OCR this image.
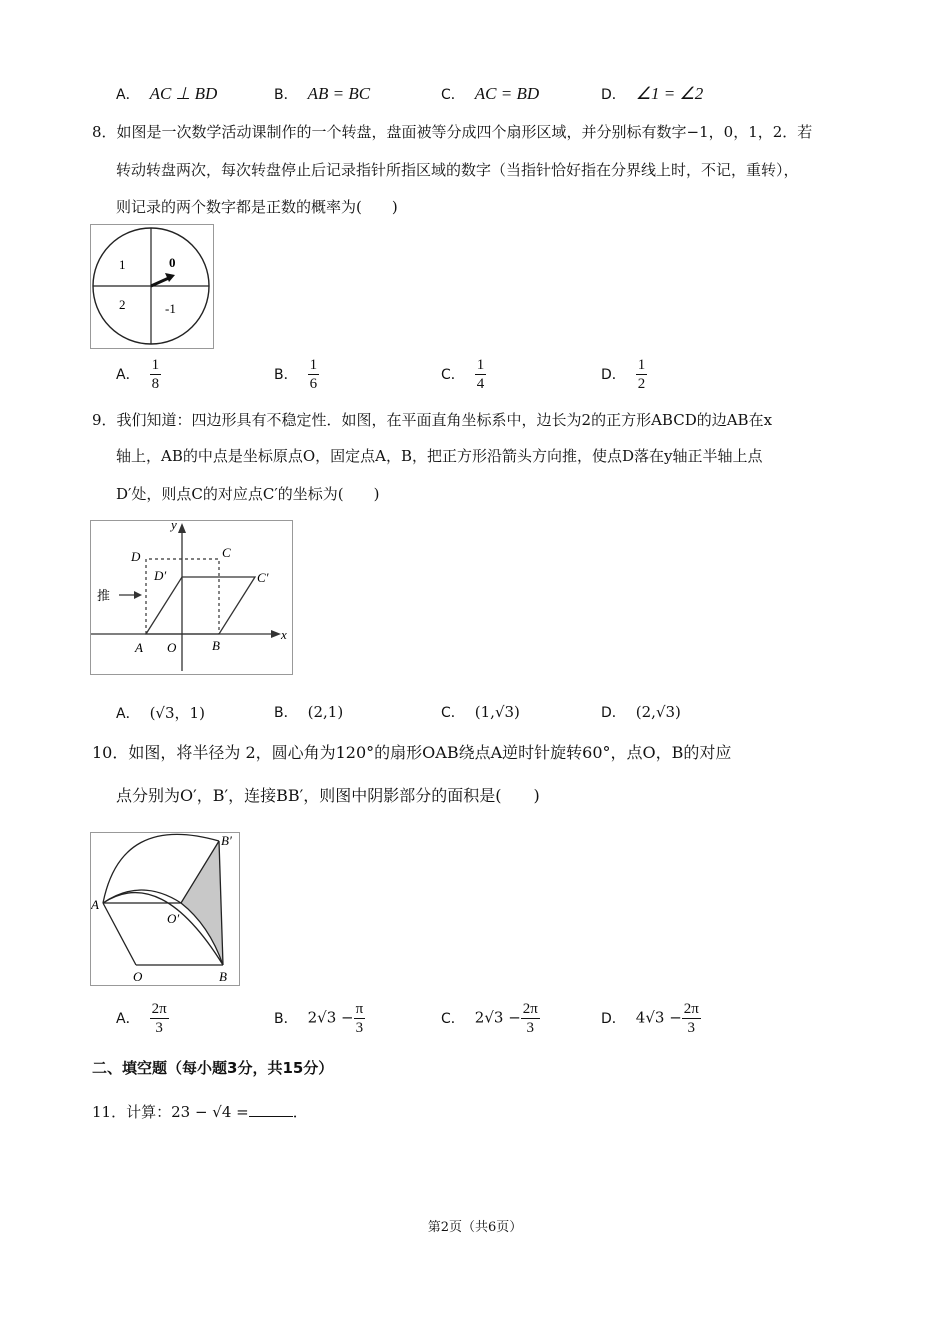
A． AC ⊥ BD	B． AB = BC	C． AC = BD	D． ∠1 = ∠2
8．如图是一次数学活动课制作的一个转盘，盘面被等分成四个扇形区域，并分别标有数字−1，0，1，2．若
转动转盘两次，每次转盘停止后记录指针所指区域的数字（当指针恰好指在分界线上时，不记，重转），
则记录的两个数字都是正数的概率为(　　)
1	0
2	-1
A． $\frac{1}{8}$	B． $\frac{1}{6}$	C． $\frac{1}{4}$	D． $\frac{1}{2}$
9．我们知道：四边形具有不稳定性．如图，在平面直角坐标系中，边长为2的正方形ABCD的边AB在x
轴上，AB的中点是坐标原点O，固定点A，B，把正方形沿箭头方向推，使点D落在y轴正半轴上点
D′处，则点C的对应点C′的坐标为(　　)
y
x
D	C
D′	C′
推
A O	B
A． (√3，1)	B． (2,1)	C． (1,√3)	D． (2,√3)
10．如图，将半径为 2，圆心角为120°的扇形OAB绕点A逆时针旋转60°，点O，B的对应
点分别为O′，B′，连接BB′，则图中阴影部分的面积是(　　)
B′
A
O′
O	B
A． $\frac{2\pi}{3}$	B． $2√3 - \frac{\pi}{3}$	C． $2√3 - \frac{2\pi}{3}$	D． $4√3 - \frac{2\pi}{3}$
二、填空题（每小题3分，共15分）
11．计算：23 − √4 =	．
第2页（共6页）
